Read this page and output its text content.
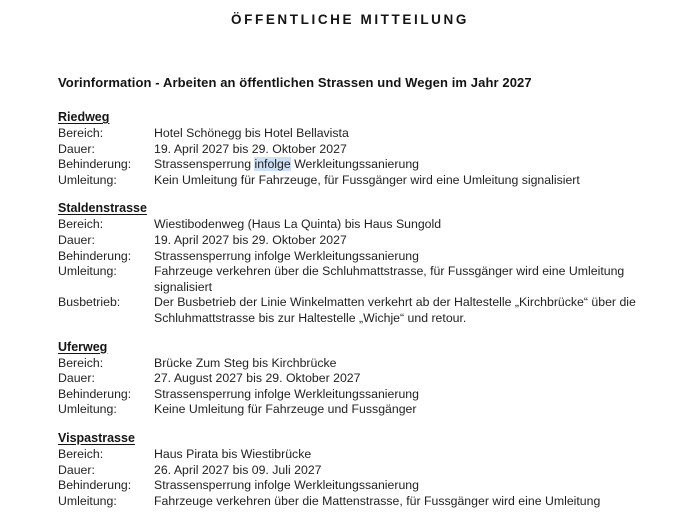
ÖFFENTLICHE MITTEILUNG
Vorinformation - Arbeiten an öffentlichen Strassen und Wegen im Jahr 2027
Riedweg
Bereich:	Hotel Schönegg bis Hotel Bellavista
Dauer:	19. April 2027 bis 29. Oktober 2027
Behinderung:	Strassensperrung infolge Werkleitungssanierung
Umleitung:	Kein Umleitung für Fahrzeuge, für Fussgänger wird eine Umleitung signalisiert
Staldenstrasse
Bereich:	Wiestibodenweg (Haus La Quinta) bis Haus Sungold
Dauer:	19. April 2027 bis 29. Oktober 2027
Behinderung:	Strassensperrung infolge Werkleitungssanierung
Umleitung:	Fahrzeuge verkehren über die Schluhmattstrasse, für Fussgänger wird eine Umleitung signalisiert
Busbetrieb:	Der Busbetrieb der Linie Winkelmatten verkehrt ab der Haltestelle „Kirchbrücke“ über die Schluhmattstrasse bis zur Haltestelle „Wichje“ und retour.
Uferweg
Bereich:	Brücke Zum Steg bis Kirchbrücke
Dauer:	27. August 2027 bis 29. Oktober 2027
Behinderung:	Strassensperrung infolge Werkleitungssanierung
Umleitung:	Keine Umleitung für Fahrzeuge und Fussgänger
Vispastrasse
Bereich:	Haus Pirata bis Wiestibrücke
Dauer:	26. April 2027 bis 09. Juli 2027
Behinderung:	Strassensperrung infolge Werkleitungssanierung
Umleitung:	Fahrzeuge verkehren über die Mattenstrasse, für Fussgänger wird eine Umleitung
